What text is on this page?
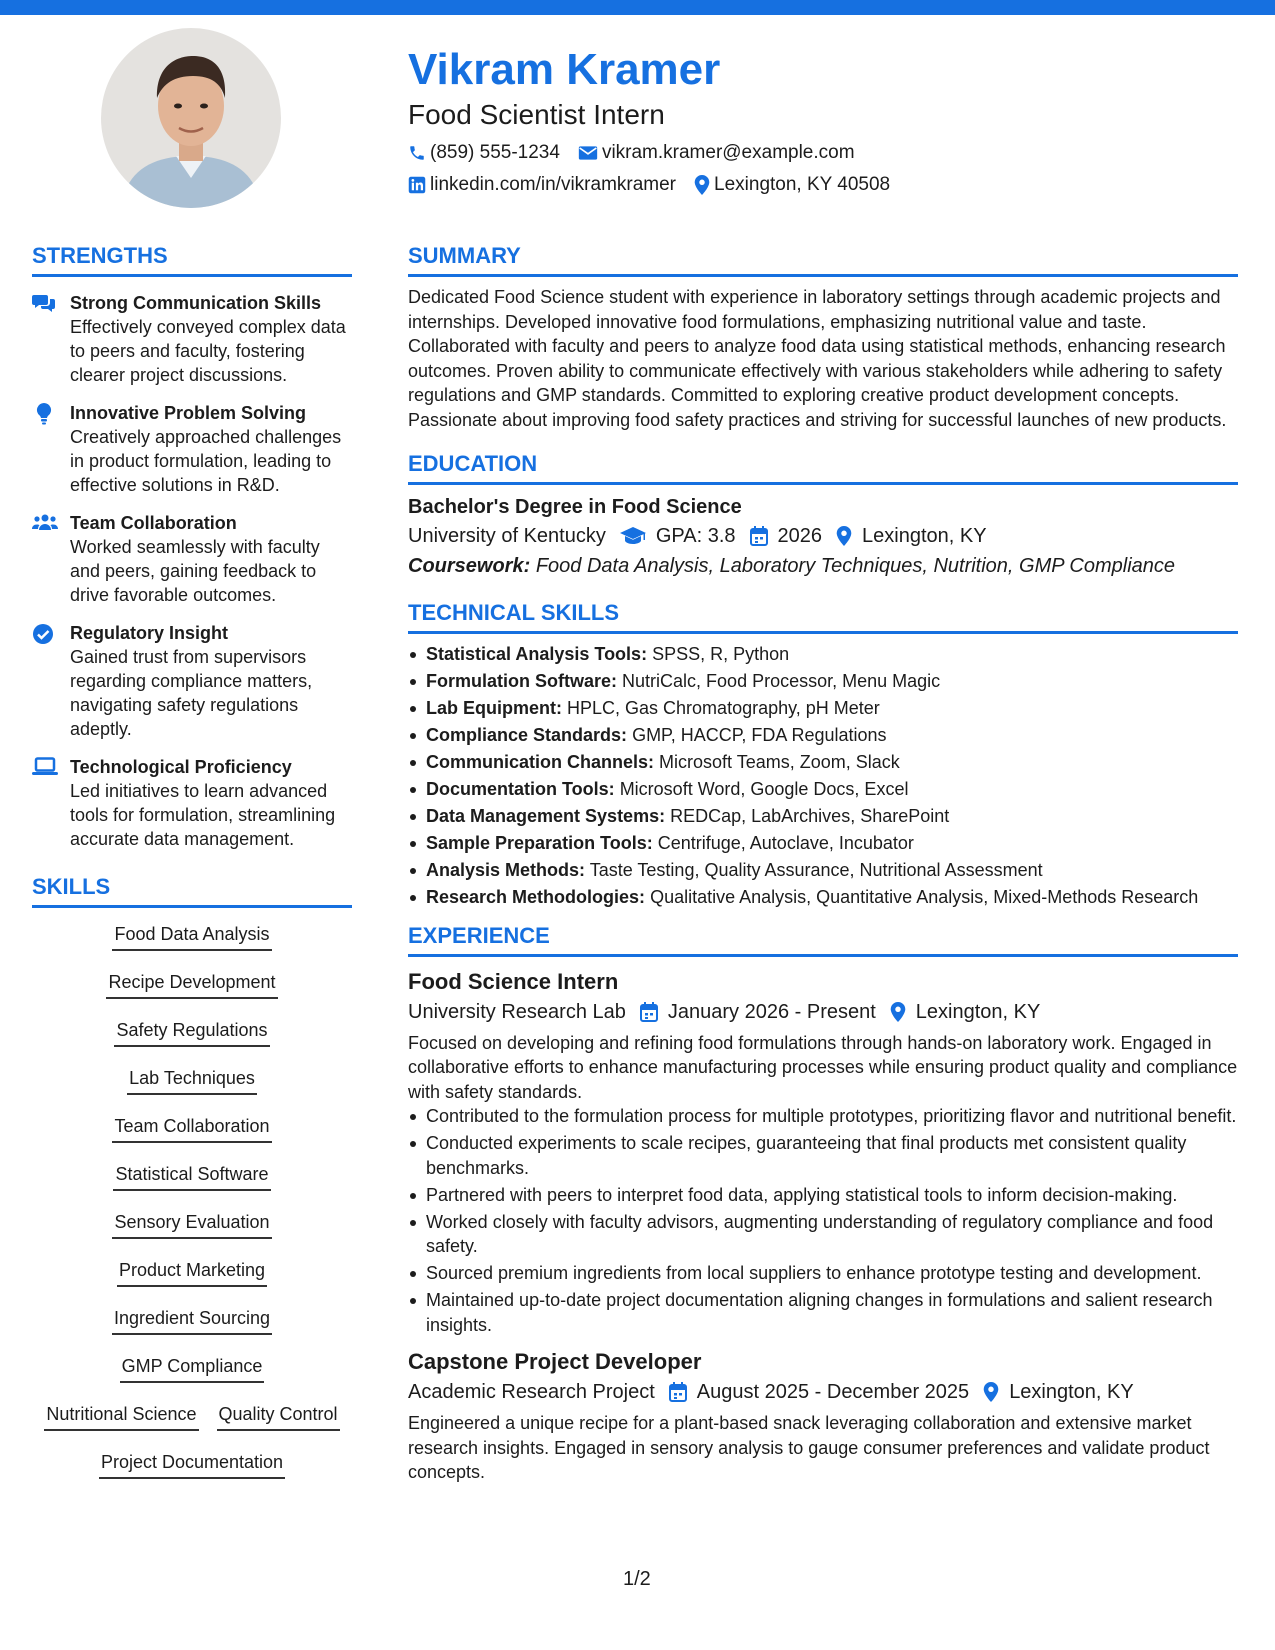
Vikram Kramer
Food Scientist Intern
(859) 555-1234 vikram.kramer@example.com
linkedin.com/in/vikramkramer Lexington, KY 40508
STRENGTHS
Strong Communication Skills
Effectively conveyed complex data to peers and faculty, fostering clearer project discussions.
Innovative Problem Solving
Creatively approached challenges in product formulation, leading to effective solutions in R&D.
Team Collaboration
Worked seamlessly with faculty and peers, gaining feedback to drive favorable outcomes.
Regulatory Insight
Gained trust from supervisors regarding compliance matters, navigating safety regulations adeptly.
Technological Proficiency
Led initiatives to learn advanced tools for formulation, streamlining accurate data management.
SKILLS
Food Data Analysis
Recipe Development
Safety Regulations
Lab Techniques
Team Collaboration
Statistical Software
Sensory Evaluation
Product Marketing
Ingredient Sourcing
GMP Compliance
Nutritional Science Quality Control
Project Documentation
SUMMARY
Dedicated Food Science student with experience in laboratory settings through academic projects and internships. Developed innovative food formulations, emphasizing nutritional value and taste. Collaborated with faculty and peers to analyze food data using statistical methods, enhancing research outcomes. Proven ability to communicate effectively with various stakeholders while adhering to safety regulations and GMP standards. Committed to exploring creative product development concepts. Passionate about improving food safety practices and striving for successful launches of new products.
EDUCATION
Bachelor's Degree in Food Science
University of Kentucky	GPA: 3.8 2026 Lexington, KY
Coursework: Food Data Analysis, Laboratory Techniques, Nutrition, GMP Compliance
TECHNICAL SKILLS
Statistical Analysis Tools: SPSS, R, Python
Formulation Software: NutriCalc, Food Processor, Menu Magic
Lab Equipment: HPLC, Gas Chromatography, pH Meter
Compliance Standards: GMP, HACCP, FDA Regulations
Communication Channels: Microsoft Teams, Zoom, Slack
Documentation Tools: Microsoft Word, Google Docs, Excel
Data Management Systems: REDCap, LabArchives, SharePoint
Sample Preparation Tools: Centrifuge, Autoclave, Incubator
Analysis Methods: Taste Testing, Quality Assurance, Nutritional Assessment
Research Methodologies: Qualitative Analysis, Quantitative Analysis, Mixed-Methods Research
EXPERIENCE
Food Science Intern
University Research Lab January 2026 - Present Lexington, KY
Focused on developing and refining food formulations through hands-on laboratory work. Engaged in collaborative efforts to enhance manufacturing processes while ensuring product quality and compliance with safety standards.
Contributed to the formulation process for multiple prototypes, prioritizing flavor and nutritional benefit.
Conducted experiments to scale recipes, guaranteeing that final products met consistent quality benchmarks.
Partnered with peers to interpret food data, applying statistical tools to inform decision-making.
Worked closely with faculty advisors, augmenting understanding of regulatory compliance and food safety.
Sourced premium ingredients from local suppliers to enhance prototype testing and development.
Maintained up-to-date project documentation aligning changes in formulations and salient research insights.
Capstone Project Developer
Academic Research Project August 2025 - December 2025 Lexington, KY
Engineered a unique recipe for a plant-based snack leveraging collaboration and extensive market research insights. Engaged in sensory analysis to gauge consumer preferences and validate product concepts.
1/2
